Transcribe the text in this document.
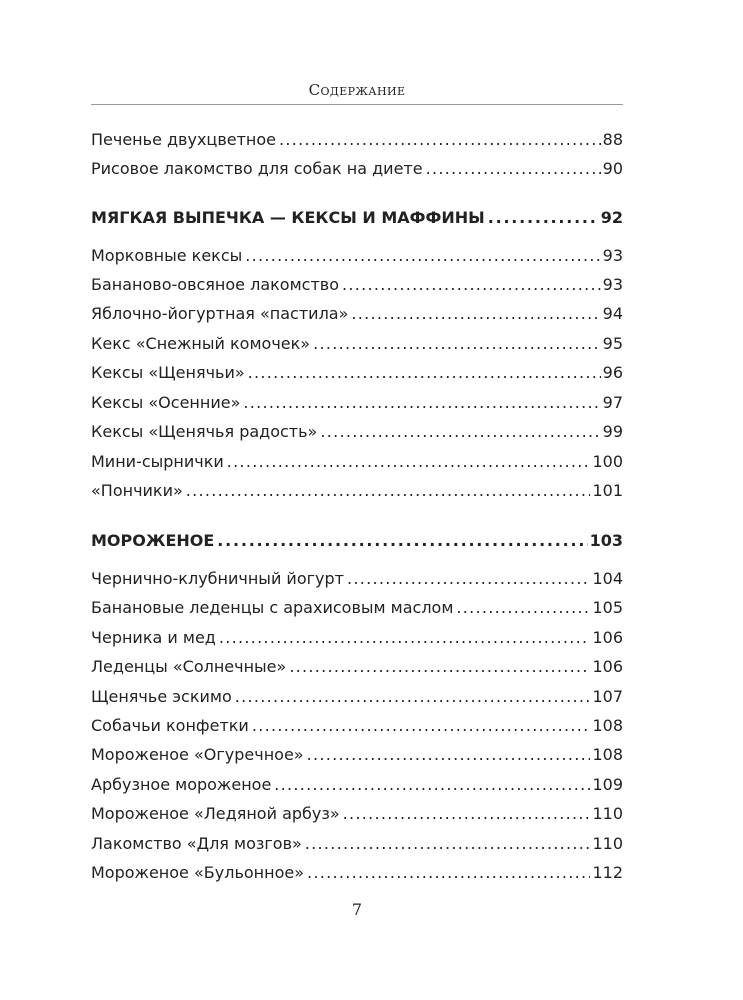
Содержание
Печенье двухцветное . . .	88
Рисовое лакомство для собак на диете . . .	90
МЯГКАЯ ВЫПЕЧКА — КЕКСЫ И МАФФИНЫ . . .	92
Морковные кексы . . .	93
Бананово-овсяное лакомство . . .	93
Яблочно-йогуртная «пастила» . . .	94
Кекс «Снежный комочек» . . .	95
Кексы «Щенячьи» . . .	96
Кексы «Осенние» . . .	97
Кексы «Щенячья радость» . . .	99
Мини-сырнички . . .	100
«Пончики» . . .	101
МОРОЖЕНОЕ . . .	103
Чернично-клубничный йогурт . . .	104
Банановые леденцы с арахисовым маслом . . .	105
Черника и мед . . .	106
Леденцы «Солнечные» . . .	106
Щенячье эскимо . . .	107
Собачьи конфетки . . .	108
Мороженое «Огуречное» . . .	108
Арбузное мороженое . . .	109
Мороженое «Ледяной арбуз» . . .	110
Лакомство «Для мозгов» . . .	110
Мороженое «Бульонное» . . .	112
7
